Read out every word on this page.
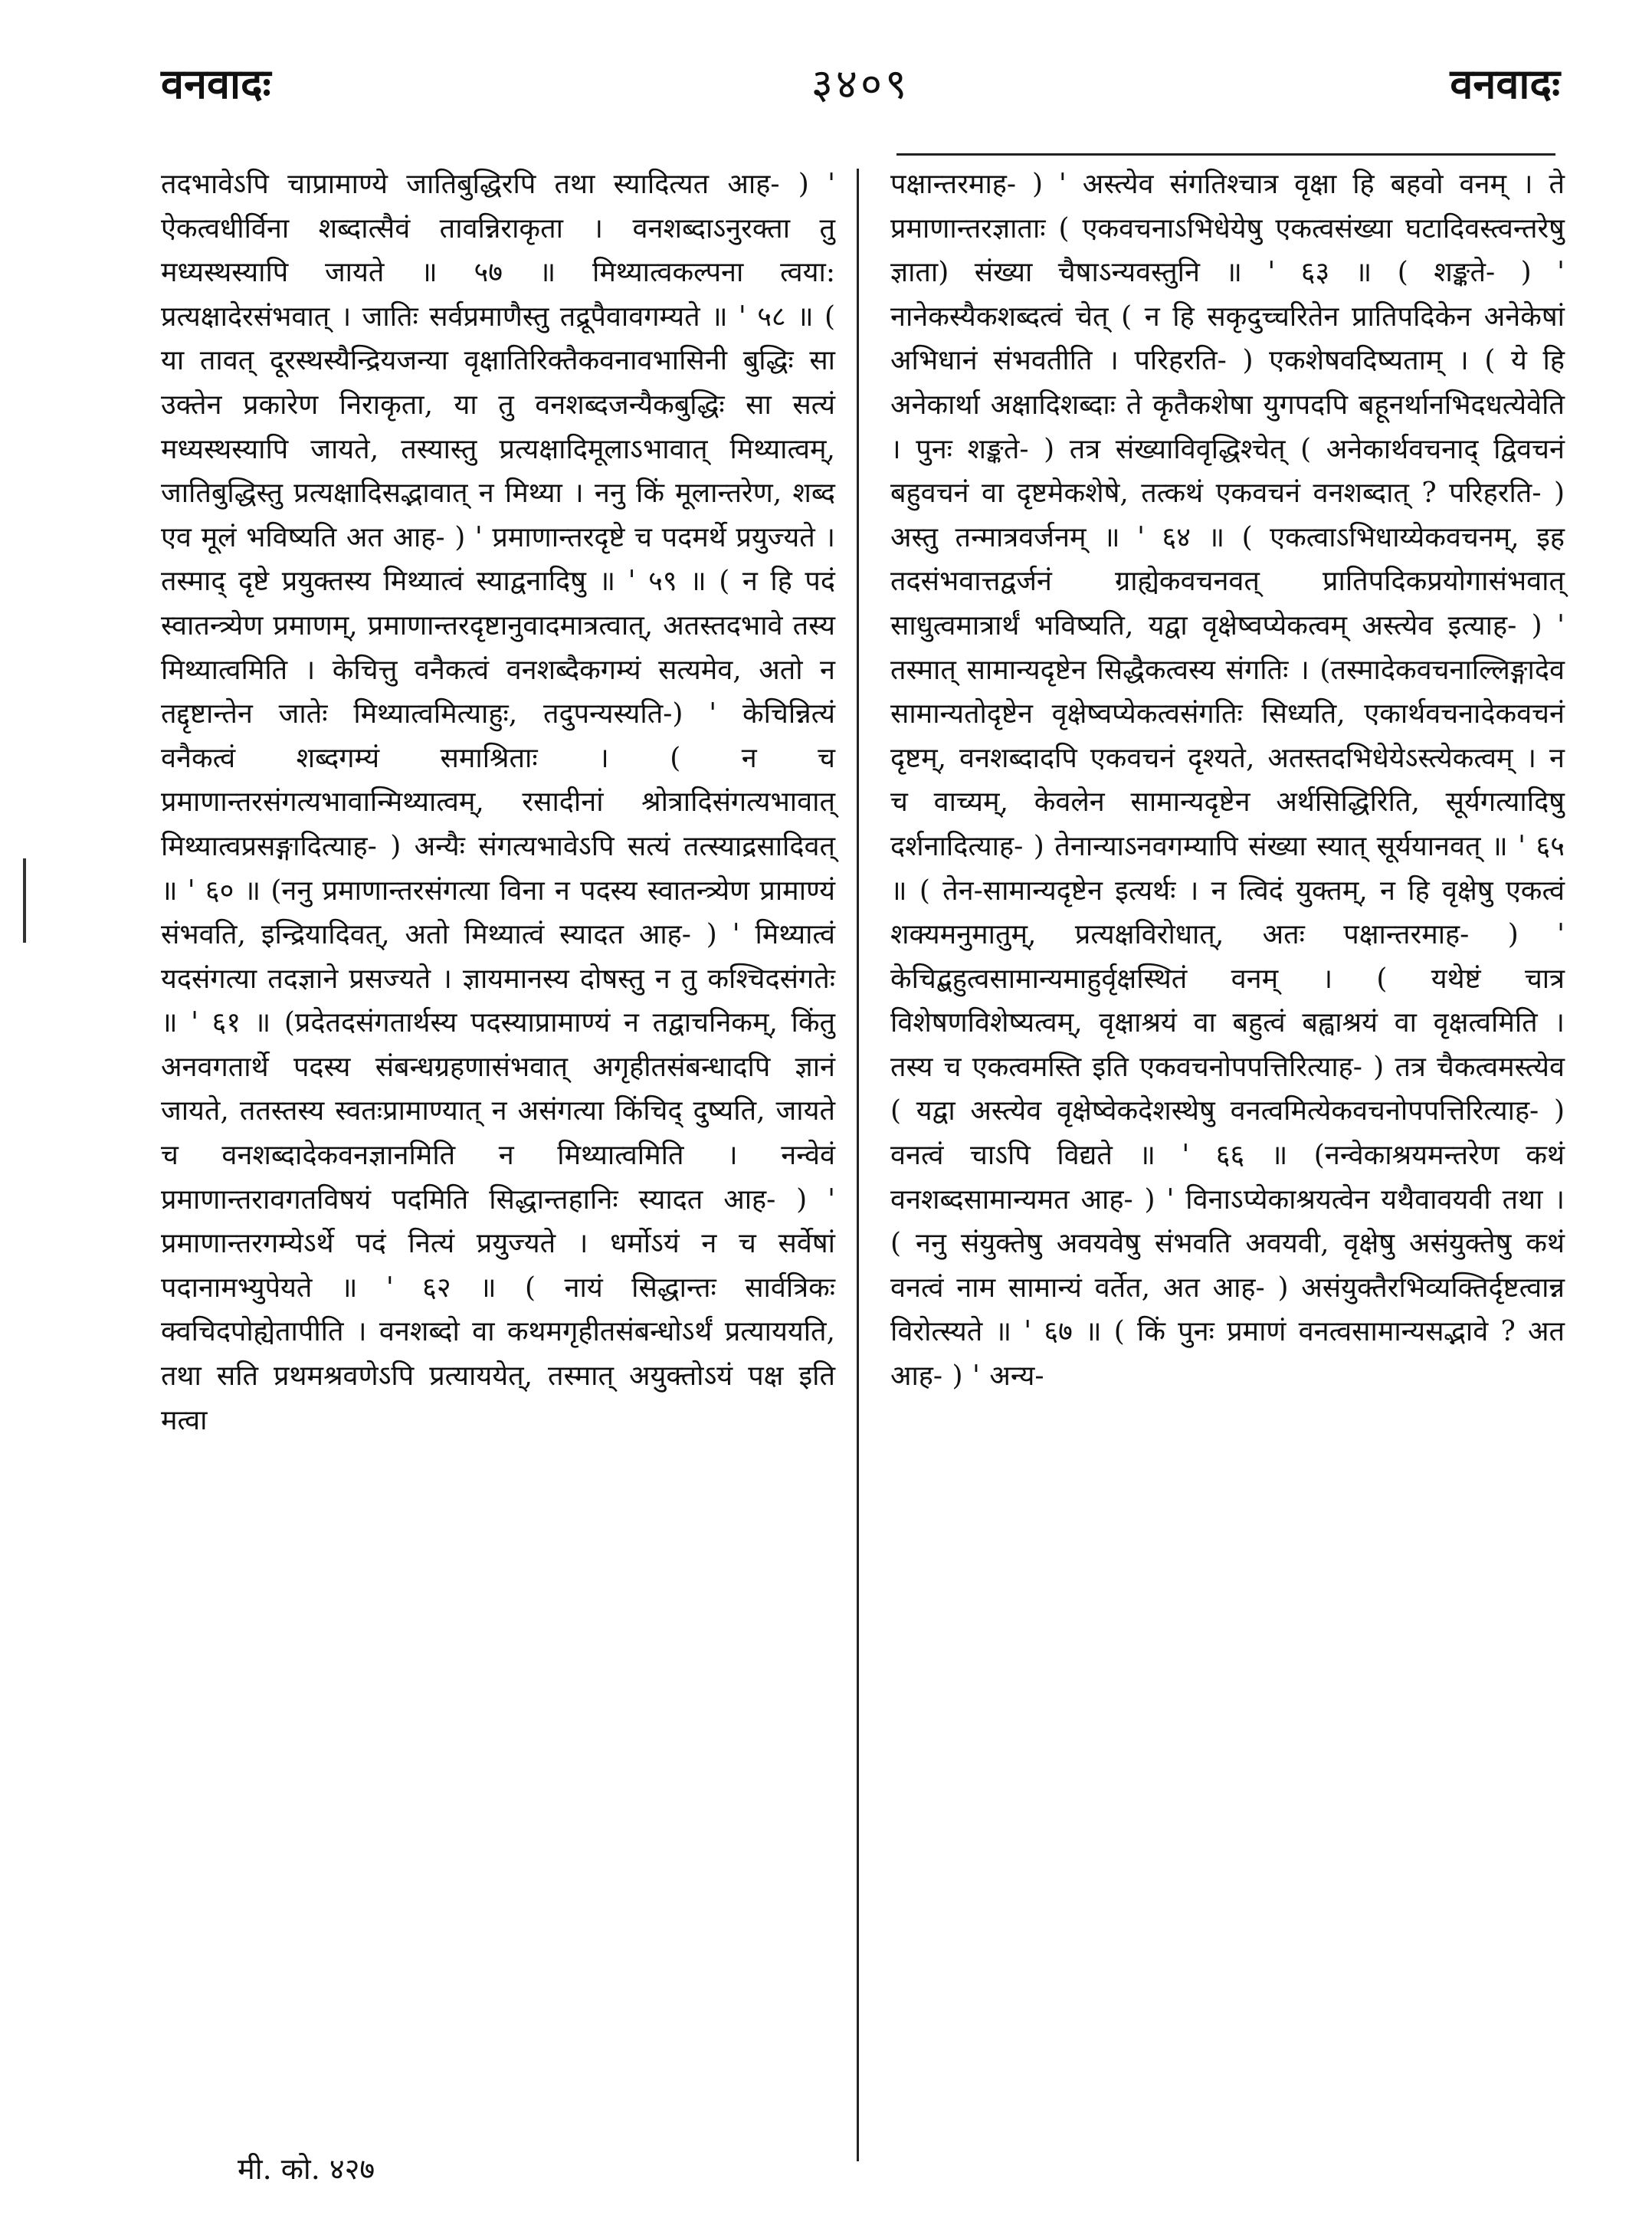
वनवादः	३४०९	वनवादः

तदभावेऽपि चाप्रामाण्ये जातिबुद्धिरपि तथा स्यादित्यत आह- ) ' ऐकत्वधीर्विना शब्दात्सैवं तावन्निराकृता । वनशब्दाऽनुरक्ता तु मध्यस्थस्यापि जायते ॥ ५७ ॥ मिथ्यात्वकल्पना त्वया: प्रत्यक्षादेरसंभवात् । जातिः सर्वप्रमाणैस्तु तद्रूपैवावगम्यते ॥ ' ५८ ॥ ( या तावत् दूरस्थस्यैन्द्रियजन्या वृक्षातिरिक्तैकवनावभासिनी बुद्धिः सा उक्तेन प्रकारेण निराकृता, या तु वनशब्दजन्यैकबुद्धिः सा सत्यं मध्यस्थस्यापि जायते, तस्यास्तु प्रत्यक्षादिमूलाऽभावात् मिथ्यात्वम्, जातिबुद्धिस्तु प्रत्यक्षादिसद्भावात् न मिथ्या । ननु किं मूलान्तरेण, शब्द एव मूलं भविष्यति अत आह- ) ' प्रमाणान्तरदृष्टे च पदमर्थे प्रयुज्यते । तस्माद् दृष्टे प्रयुक्तस्य मिथ्यात्वं स्याद्वनादिषु ॥ ' ५९ ॥ ( न हि पदं स्वातन्त्र्येण प्रमाणम्, प्रमाणान्तरदृष्टानुवादमात्रत्वात्, अतस्तदभावे तस्य मिथ्यात्वमिति । केचित्तु वनैकत्वं वनशब्दैकगम्यं सत्यमेव, अतो न तद्दृष्टान्तेन जातेः मिथ्यात्वमित्याहुः, तदुपन्यस्यति-) ' केचिन्नित्यं वनैकत्वं शब्दगम्यं समाश्रिताः । ( न च प्रमाणान्तरसंगत्यभावान्मिथ्यात्वम्, रसादीनां श्रोत्रादिसंगत्यभावात् मिथ्यात्वप्रसङ्गादित्याह- ) अन्यैः संगत्यभावेऽपि सत्यं तत्स्याद्रसादिवत् ॥ ' ६० ॥ (ननु प्रमाणान्तरसंगत्या विना न पदस्य स्वातन्त्र्येण प्रामाण्यं संभवति, इन्द्रियादिवत्, अतो मिथ्यात्वं स्यादत आह- ) ' मिथ्यात्वं यदसंगत्या तदज्ञाने प्रसज्यते । ज्ञायमानस्य दोषस्तु न तु कश्चिदसंगतेः ॥ ' ६१ ॥ (प्रदेतदसंगतार्थस्य पदस्याप्रामाण्यं न तद्वाचनिकम्, किंतु अनवगतार्थे पदस्य संबन्धग्रहणासंभवात् अगृहीतसंबन्धादपि ज्ञानं जायते, ततस्तस्य स्वतःप्रामाण्यात् न असंगत्या किंचिद् दुष्यति, जायते च वनशब्दादेकवनज्ञानमिति न मिथ्यात्वमिति । नन्वेवं प्रमाणान्तरावगतविषयं पदमिति सिद्धान्तहानिः स्यादत आह- ) ' प्रमाणान्तरगम्येऽर्थे पदं नित्यं प्रयुज्यते । धर्मोऽयं न च सर्वेषां पदानामभ्युपेयते ॥ ' ६२ ॥ ( नायं सिद्धान्तः सार्वत्रिकः क्वचिदपोह्येतापीति । वनशब्दो वा कथमगृहीतसंबन्धोऽर्थं प्रत्याययति, तथा सति प्रथमश्रवणेऽपि प्रत्याययेत्, तस्मात् अयुक्तोऽयं पक्ष इति मत्वा

पक्षान्तरमाह- ) ' अस्त्येव संगतिश्चात्र वृक्षा हि बहवो वनम् । ते प्रमाणान्तरज्ञाताः ( एकवचनाऽभिधेयेषु एकत्वसंख्या घटादिवस्त्वन्तरेषु ज्ञाता) संख्या चैषाऽन्यवस्तुनि ॥ ' ६३ ॥ ( शङ्कते- ) ' नानेकस्यैकशब्दत्वं चेत् ( न हि सकृदुच्चरितेन प्रातिपदिकेन अनेकेषां अभिधानं संभवतीति । परिहरति- ) एकशेषवदिष्यताम् । ( ये हि अनेकार्था अक्षादिशब्दाः ते कृतैकशेषा युगपदपि बहूनर्थानभिदधत्येवेति । पुनः शङ्कते- ) तत्र संख्याविवृद्धिश्चेत् ( अनेकार्थवचनाद् द्विवचनं बहुवचनं वा दृष्टमेकशेषे, तत्कथं एकवचनं वनशब्दात् ? परिहरति- ) अस्तु तन्मात्रवर्जनम् ॥ ' ६४ ॥ ( एकत्वाऽभिधाय्येकवचनम्, इह तदसंभवात्तद्वर्जनं ग्राह्येकवचनवत् प्रातिपदिकप्रयोगासंभवात् साधुत्वमात्रार्थं भविष्यति, यद्वा वृक्षेष्वप्येकत्वम् अस्त्येव इत्याह- ) ' तस्मात् सामान्यदृष्टेन सिद्धैकत्वस्य संगतिः । (तस्मादेकवचनाल्लिङ्गादेव सामान्यतोदृष्टेन वृक्षेष्वप्येकत्वसंगतिः सिध्यति, एकार्थवचनादेकवचनं दृष्टम्, वनशब्दादपि एकवचनं दृश्यते, अतस्तदभिधेयेऽस्त्येकत्वम् । न च वाच्यम्, केवलेन सामान्यदृष्टेन अर्थसिद्धिरिति, सूर्यगत्यादिषु दर्शनादित्याह- ) तेनान्याऽनवगम्यापि संख्या स्यात् सूर्ययानवत् ॥ ' ६५ ॥ ( तेन-सामान्यदृष्टेन इत्यर्थः । न त्विदं युक्तम्, न हि वृक्षेषु एकत्वं शक्यमनुमातुम्, प्रत्यक्षविरोधात्, अतः पक्षान्तरमाह- ) ' केचिद्बहुत्वसामान्यमाहुर्वृक्षस्थितं वनम् । ( यथेष्टं चात्र विशेषणविशेष्यत्वम्, वृक्षाश्रयं वा बहुत्वं बह्वाश्रयं वा वृक्षत्वमिति । तस्य च एकत्वमस्ति इति एकवचनोपपत्तिरित्याह- ) तत्र चैकत्वमस्त्येव ( यद्वा अस्त्येव वृक्षेष्वेकदेशस्थेषु वनत्वमित्येकवचनोपपत्तिरित्याह- ) वनत्वं चाऽपि विद्यते ॥ ' ६६ ॥ (नन्वेकाश्रयमन्तरेण कथं वनशब्दसामान्यमत आह- ) ' विनाऽप्येकाश्रयत्वेन यथैवावयवी तथा । ( ननु संयुक्तेषु अवयवेषु संभवति अवयवी, वृक्षेषु असंयुक्तेषु कथं वनत्वं नाम सामान्यं वर्तेत, अत आह- ) असंयुक्तैरभिव्यक्तिर्दृष्टत्वान्न विरोत्स्यते ॥ ' ६७ ॥ ( किं पुनः प्रमाणं वनत्वसामान्यसद्भावे ? अत आह- ) ' अन्य-

मी. को. ४२७
